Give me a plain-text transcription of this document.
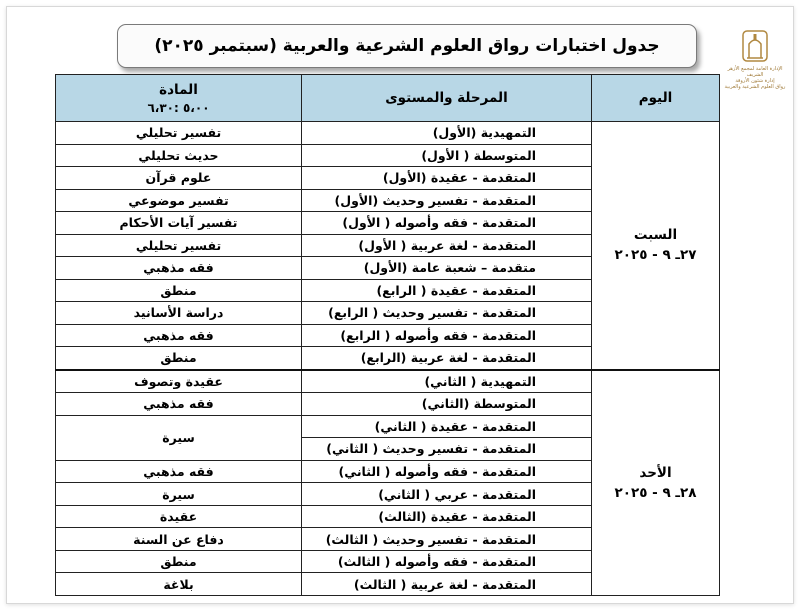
الإدارة العامة لمجمع الأزهر الشريف
إدارة شئون الأروقة
رواق العلوم الشرعية والعربية
جدول اختبارات رواق العلوم الشرعية والعربية (سبتمبر ٢٠٢٥)
اليوم	المرحلة والمستوى	المادة
٥،٠٠ :٦،٣٠

السبت
٢٧ـ ٩ - ٢٠٢٥	التمهيدية (الأول)	تفسير تحليلي
	المتوسطة ( الأول)	حديث تحليلي
	المتقدمة - عقيدة (الأول)	علوم قرآن
	المتقدمة - تفسير وحديث (الأول)	تفسير موضوعي
	المتقدمة - فقه وأصوله ( الأول)	تفسير آيات الأحكام
	المتقدمة - لغة عربية ( الأول)	تفسير تحليلي
	متقدمة – شعبة عامة (الأول)	فقه مذهبي
	المتقدمة - عقيدة ( الرابع)	منطق
	المتقدمة - تفسير وحديث ( الرابع)	دراسة الأسانيد
	المتقدمة - فقه وأصوله ( الرابع)	فقه مذهبي
	المتقدمة - لغة عربية (الرابع)	منطق

الأحد
٢٨ـ ٩ - ٢٠٢٥	التمهيدية ( الثاني)	عقيدة وتصوف
	المتوسطة (الثاني)	فقه مذهبي
	المتقدمة - عقيدة ( الثاني)	سيرة
	المتقدمة - تفسير وحديث ( الثاني)	
	المتقدمة - فقه وأصوله ( الثاني)	فقه مذهبي
	المتقدمة - عربي ( الثاني)	سيرة
	المتقدمة - عقيدة (الثالث)	عقيدة
	المتقدمة - تفسير وحديث ( الثالث)	دفاع عن السنة
	المتقدمة - فقه وأصوله ( الثالث)	منطق
	المتقدمة - لغة عربية ( الثالث)	بلاغة
